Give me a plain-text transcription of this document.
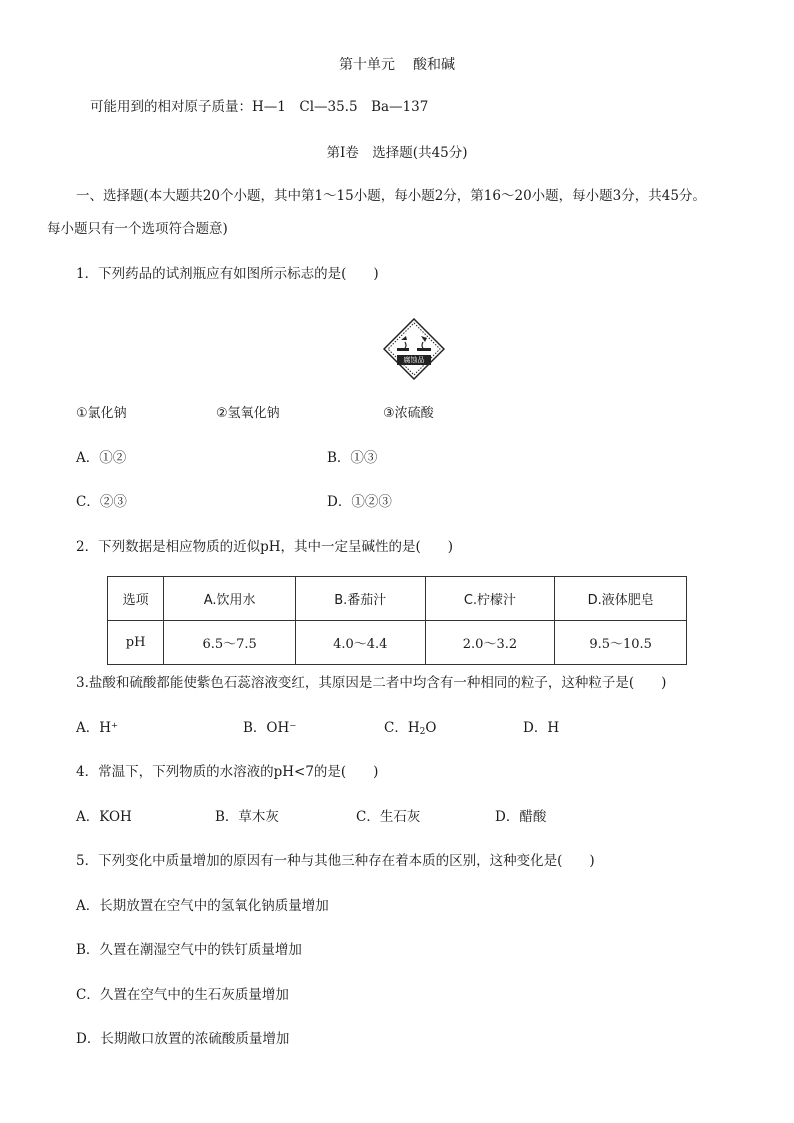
第十单元 酸和碱
可能用到的相对原子质量：H—1　Cl—35.5　Ba—137
第Ⅰ卷　选择题(共45分)
一、选择题(本大题共20个小题，其中第1～15小题，每小题2分，第16～20小题，每小题3分，共45分。
每小题只有一个选项符合题意)
1．下列药品的试剂瓶应有如图所示标志的是(　　)
腐蚀品
①氯化钠	②氢氧化钠	③浓硫酸
A．①②	B．①③
C．②③	D．①②③
2．下列数据是相应物质的近似pH，其中一定呈碱性的是(　　)
选项	A.饮用水	B.番茄汁	C.柠檬汁	D.液体肥皂
pH	6.5～7.5	4.0～4.4	2.0～3.2	9.5～10.5
3.盐酸和硫酸都能使紫色石蕊溶液变红，其原因是二者中均含有一种相同的粒子，这种粒子是(　　)
A．H⁺	B．OH⁻	C．$H_2O$	D．H
4．常温下，下列物质的水溶液的pH<7的是(　　)
A．KOH	B．草木灰	C．生石灰	D．醋酸
5．下列变化中质量增加的原因有一种与其他三种存在着本质的区别，这种变化是(　　)
A．长期放置在空气中的氢氧化钠质量增加
B．久置在潮湿空气中的铁钉质量增加
C．久置在空气中的生石灰质量增加
D．长期敞口放置的浓硫酸质量增加
